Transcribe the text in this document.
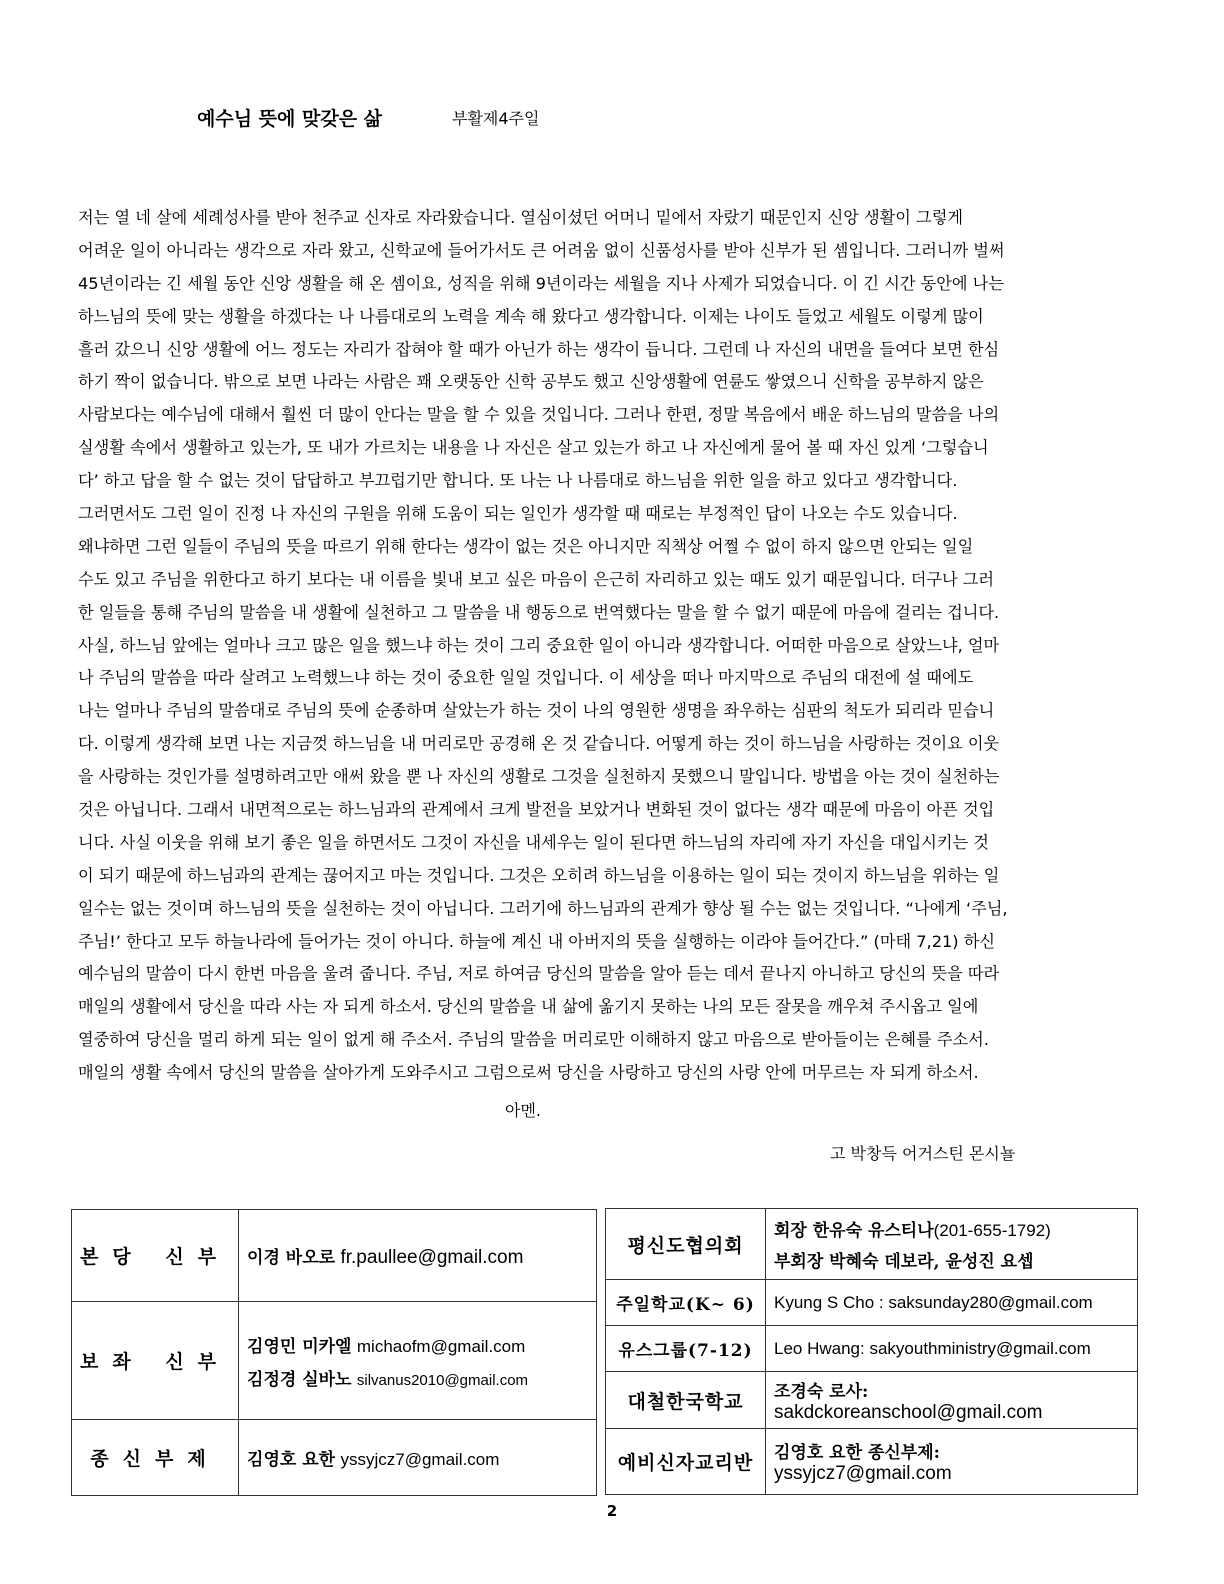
예수님 뜻에 맞갖은 삶	부활제4주일
저는 열 네 살에 세례성사를 받아 천주교 신자로 자라왔습니다. 열심이셨던 어머니 밑에서 자랐기 때문인지 신앙 생활이 그렇게
어려운 일이 아니라는 생각으로 자라 왔고, 신학교에 들어가서도 큰 어려움 없이 신품성사를 받아 신부가 된 셈입니다. 그러니까 벌써
45년이라는 긴 세월 동안 신앙 생활을 해 온 셈이요, 성직을 위해 9년이라는 세월을 지나 사제가 되었습니다. 이 긴 시간 동안에 나는
하느님의 뜻에 맞는 생활을 하겠다는 나 나름대로의 노력을 계속 해 왔다고 생각합니다. 이제는 나이도 들었고 세월도 이렇게 많이
흘러 갔으니 신앙 생활에 어느 정도는 자리가 잡혀야 할 때가 아닌가 하는 생각이 듭니다. 그런데 나 자신의 내면을 들여다 보면 한심
하기 짝이 없습니다. 밖으로 보면 나라는 사람은 꽤 오랫동안 신학 공부도 했고 신앙생활에 연륜도 쌓였으니 신학을 공부하지 않은
사람보다는 예수님에 대해서 훨씬 더 많이 안다는 말을 할 수 있을 것입니다. 그러나 한편, 정말 복음에서 배운 하느님의 말씀을 나의
실생활 속에서 생활하고 있는가, 또 내가 가르치는 내용을 나 자신은 살고 있는가 하고 나 자신에게 물어 볼 때 자신 있게 ‘그렇습니
다’ 하고 답을 할 수 없는 것이 답답하고 부끄럽기만 합니다. 또 나는 나 나름대로 하느님을 위한 일을 하고 있다고 생각합니다.
그러면서도 그런 일이 진정 나 자신의 구원을 위해 도움이 되는 일인가 생각할 때 때로는 부정적인 답이 나오는 수도 있습니다.
왜냐하면 그런 일들이 주님의 뜻을 따르기 위해 한다는 생각이 없는 것은 아니지만 직책상 어쩔 수 없이 하지 않으면 안되는 일일
수도 있고 주님을 위한다고 하기 보다는 내 이름을 빛내 보고 싶은 마음이 은근히 자리하고 있는 때도 있기 때문입니다. 더구나 그러
한 일들을 통해 주님의 말씀을 내 생활에 실천하고 그 말씀을 내 행동으로 번역했다는 말을 할 수 없기 때문에 마음에 걸리는 겁니다.
사실, 하느님 앞에는 얼마나 크고 많은 일을 했느냐 하는 것이 그리 중요한 일이 아니라 생각합니다. 어떠한 마음으로 살았느냐, 얼마
나 주님의 말씀을 따라 살려고 노력했느냐 하는 것이 중요한 일일 것입니다. 이 세상을 떠나 마지막으로 주님의 대전에 설 때에도
나는 얼마나 주님의 말씀대로 주님의 뜻에 순종하며 살았는가 하는 것이 나의 영원한 생명을 좌우하는 심판의 척도가 되리라 믿습니
다. 이렇게 생각해 보면 나는 지금껏 하느님을 내 머리로만 공경해 온 것 같습니다. 어떻게 하는 것이 하느님을 사랑하는 것이요 이웃
을 사랑하는 것인가를 설명하려고만 애써 왔을 뿐 나 자신의 생활로 그것을 실천하지 못했으니 말입니다. 방법을 아는 것이 실천하는
것은 아닙니다. 그래서 내면적으로는 하느님과의 관계에서 크게 발전을 보았거나 변화된 것이 없다는 생각 때문에 마음이 아픈 것입
니다. 사실 이웃을 위해 보기 좋은 일을 하면서도 그것이 자신을 내세우는 일이 된다면 하느님의 자리에 자기 자신을 대입시키는 것
이 되기 때문에 하느님과의 관계는 끊어지고 마는 것입니다. 그것은 오히려 하느님을 이용하는 일이 되는 것이지 하느님을 위하는 일
일수는 없는 것이며 하느님의 뜻을 실천하는 것이 아닙니다. 그러기에 하느님과의 관계가 향상 될 수는 없는 것입니다. “나에게 ‘주님,
주님!’ 한다고 모두 하늘나라에 들어가는 것이 아니다. 하늘에 계신 내 아버지의 뜻을 실행하는 이라야 들어간다.” (마태 7,21) 하신
예수님의 말씀이 다시 한번 마음을 울려 줍니다. 주님, 저로 하여금 당신의 말씀을 알아 듣는 데서 끝나지 아니하고 당신의 뜻을 따라
매일의 생활에서 당신을 따라 사는 자 되게 하소서. 당신의 말씀을 내 삶에 옮기지 못하는 나의 모든 잘못을 깨우쳐 주시옵고 일에
열중하여 당신을 멀리 하게 되는 일이 없게 해 주소서. 주님의 말씀을 머리로만 이해하지 않고 마음으로 받아들이는 은혜를 주소서.
매일의 생활 속에서 당신의 말씀을 살아가게 도와주시고 그럼으로써 당신을 사랑하고 당신의 사랑 안에 머무르는 자 되게 하소서.
아멘.
고 박창득 어거스틴 몬시뇰
본당 신부	이경 바오로 fr.paullee@gmail.com
보좌 신부	김영민 미카엘 michaofm@gmail.com
김정경 실바노 silvanus2010@gmail.com

종신부제	김영호 요한 yssyjcz7@gmail.com
평신도협의회	회장 한유숙 유스티나(201-655-1792)
부회장 박혜숙 데보라, 윤성진 요셉

주일학교(K~ 6)	Kyung S Cho : saksunday280@gmail.com
유스그룹(7-12)	Leo Hwang: sakyouthministry@gmail.com
대철한국학교	조경숙 로사:
sakdckoreanschool@gmail.com

예비신자교리반	김영호 요한 종신부제:
yssyjcz7@gmail.com
2
